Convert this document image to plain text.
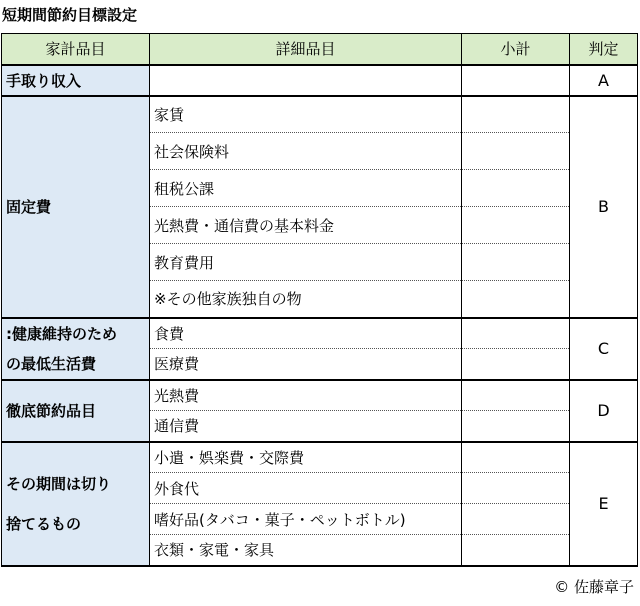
短期間節約目標設定
家計品目	詳細品目	小計	判定
手取り収入			A
固定費	家賃		B
	社会保険料		
	租税公課		
	光熱費・通信費の基本料金		
	教育費用		
	※その他家族独自の物		

:健康維持のため
の最低生活費	食費		C
	医療費		
徹底節約品目	光熱費		D
	通信費		

その期間は切り
捨てるもの	小遣・娯楽費・交際費		E
	外食代		
	嗜好品(タバコ・菓子・ペットボトル)		
	衣類・家電・家具		
© 佐藤章子
